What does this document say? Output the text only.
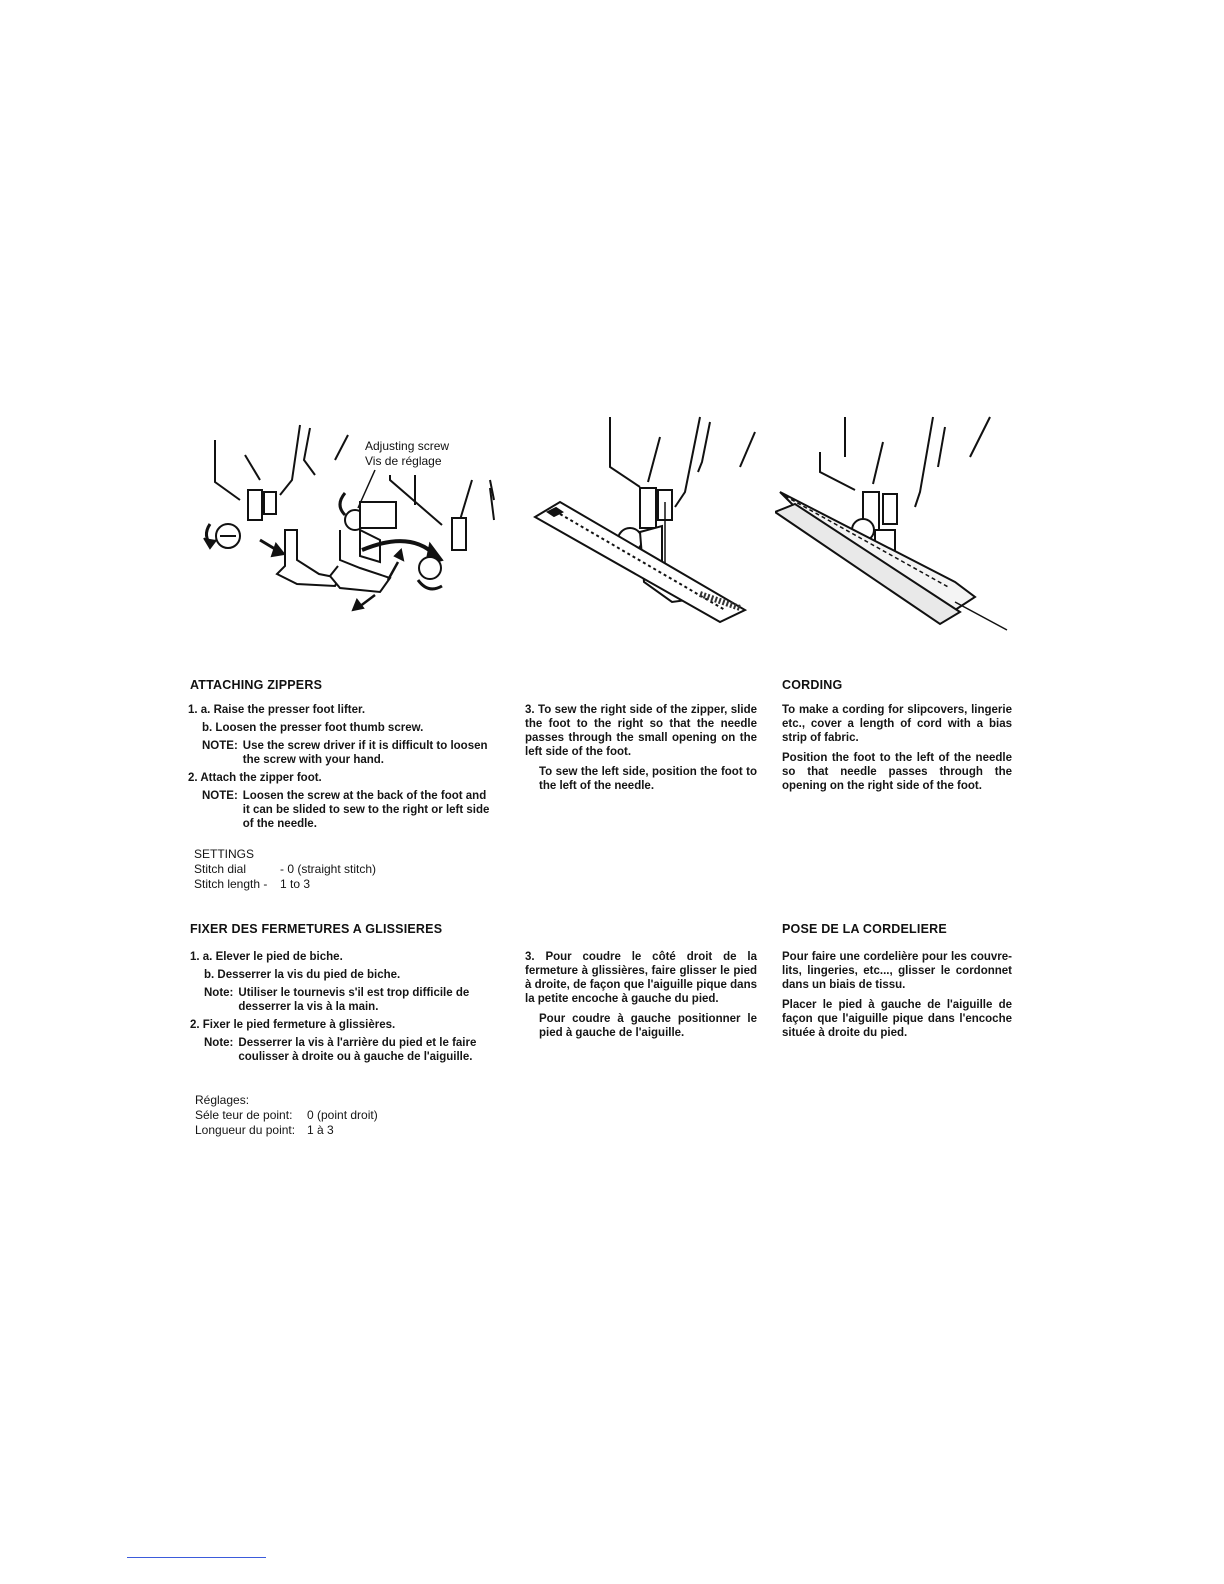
Adjusting screw
Vis de réglage
ATTACHING ZIPPERS

1. a. Raise the presser foot lifter.

b. Loosen the presser foot thumb screw.

NOTE: Use the screw driver if it is difficult to loosen the screw with your hand.

2. Attach the zipper foot.

NOTE: Loosen the screw at the back of the foot and it can be slided to sew to the right or left side of the needle.
SETTINGS
Stitch dial	- 0 (straight stitch)
Stitch length -	1 to 3

3. To sew the right side of the zipper, slide the foot to the right so that the needle passes through the small opening on the left side of the foot.

To sew the left side, position the foot to the left of the needle.

CORDING

To make a cording for slipcovers, lingerie etc., cover a length of cord with a bias strip of fabric.

Position the foot to the left of the needle so that needle passes through the opening on the right side of the foot.

FIXER DES FERMETURES A GLISSIERES

1. a. Elever le pied de biche.

b. Desserrer la vis du pied de biche.

Note: Utiliser le tournevis s'il est trop difficile de desserrer la vis à la main.

2. Fixer le pied fermeture à glissières.

Note: Desserrer la vis à l'arrière du pied et le faire coulisser à droite ou à gauche de l'aiguille.
Réglages:
Séle teur de point:	0 (point droit)
Longueur du point: 1 à 3

3. Pour coudre le côté droit de la fermeture à glissières, faire glisser le pied à droite, de façon que l'aiguille pique dans la petite encoche à gauche du pied.

Pour coudre à gauche positionner le pied à gauche de l'aiguille.

POSE DE LA CORDELIERE

Pour faire une cordelière pour les couvre-lits, lingeries, etc..., glisser le cordonnet dans un biais de tissu.

Placer le pied à gauche de l'aiguille de façon que l'aiguille pique dans l'encoche située à droite du pied.
